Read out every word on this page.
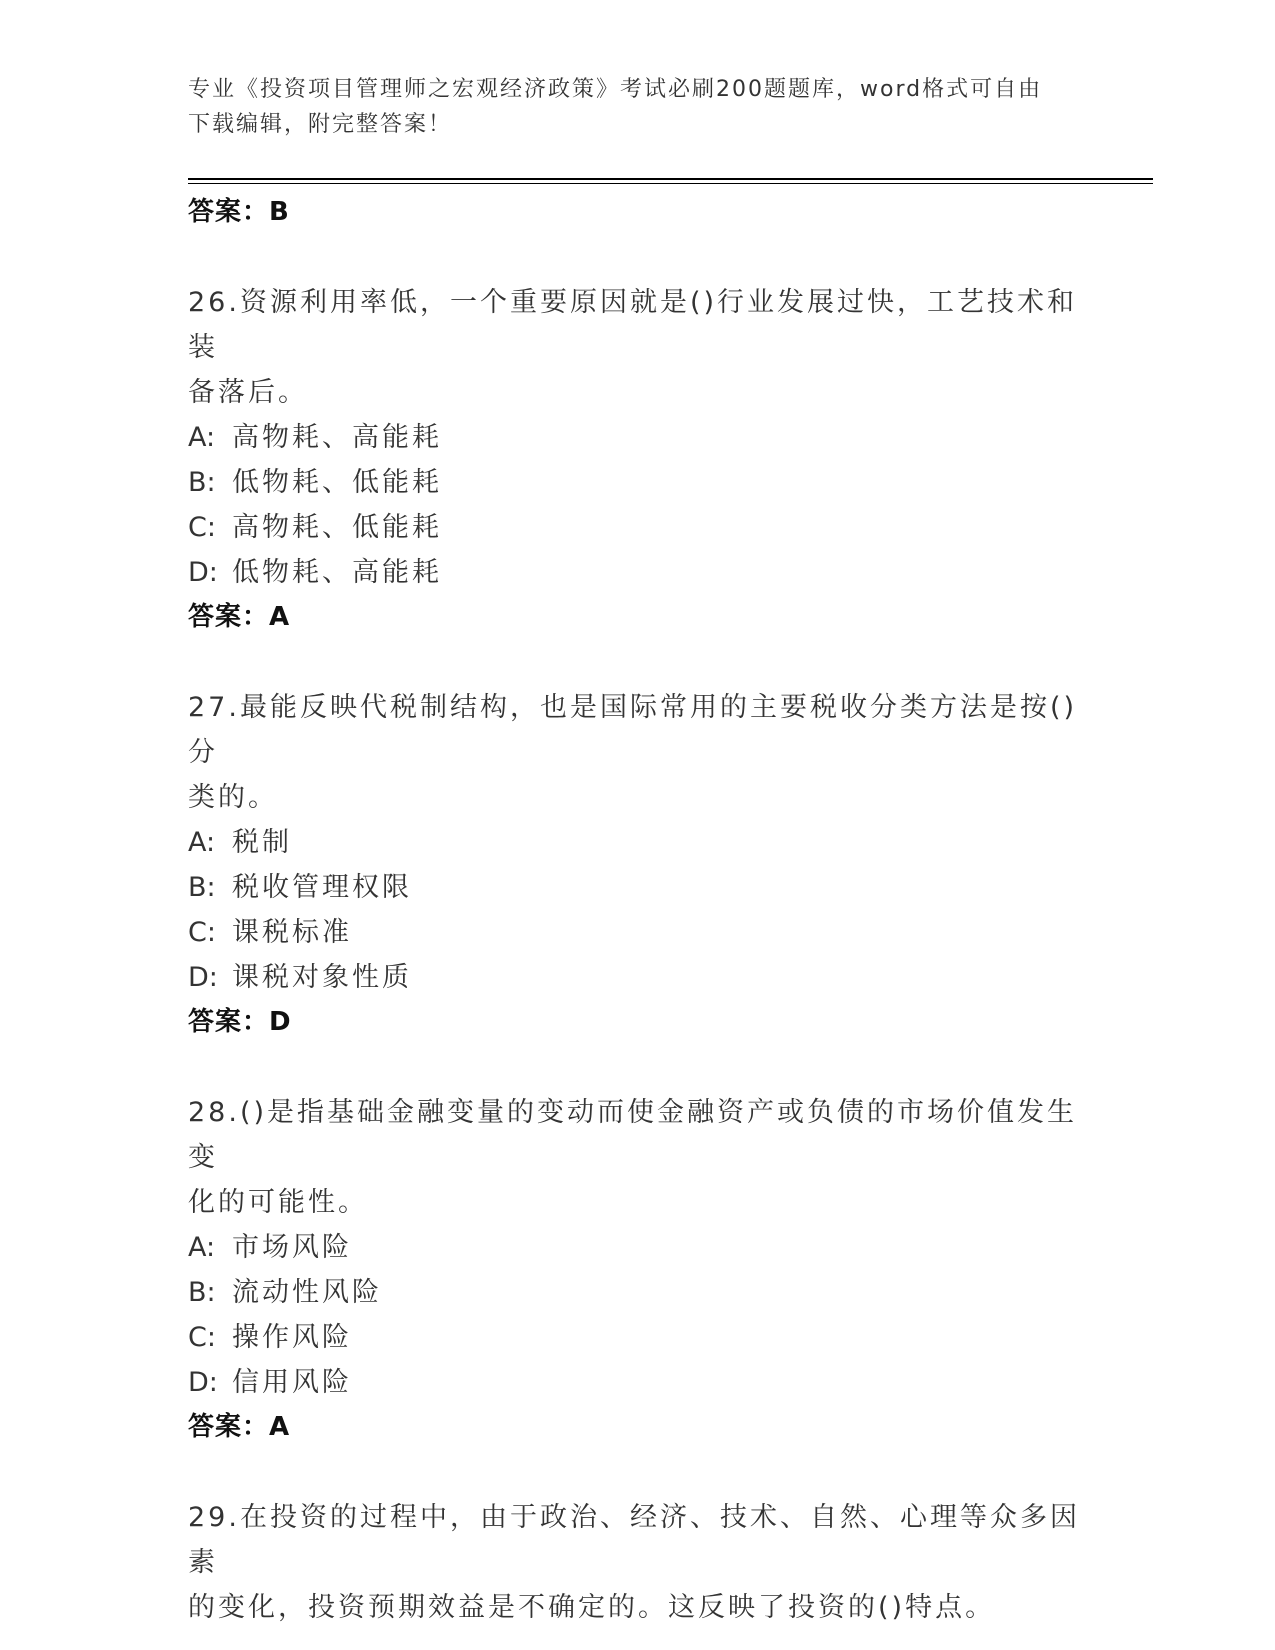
专业《投资项目管理师之宏观经济政策》考试必刷200题题库，word格式可自由
下载编辑，附完整答案！
答案：B

26.资源利用率低，一个重要原因就是()行业发展过快，工艺技术和装

备落后。

A: 高物耗、高能耗

B: 低物耗、低能耗

C: 高物耗、低能耗

D: 低物耗、高能耗

答案：A

27.最能反映代税制结构，也是国际常用的主要税收分类方法是按()分

类的。

A: 税制

B: 税收管理权限

C: 课税标准

D: 课税对象性质

答案：D

28.()是指基础金融变量的变动而使金融资产或负债的市场价值发生变

化的可能性。

A: 市场风险

B: 流动性风险

C: 操作风险

D: 信用风险

答案：A

29.在投资的过程中，由于政治、经济、技术、自然、心理等众多因素

的变化，投资预期效益是不确定的。这反映了投资的()特点。
